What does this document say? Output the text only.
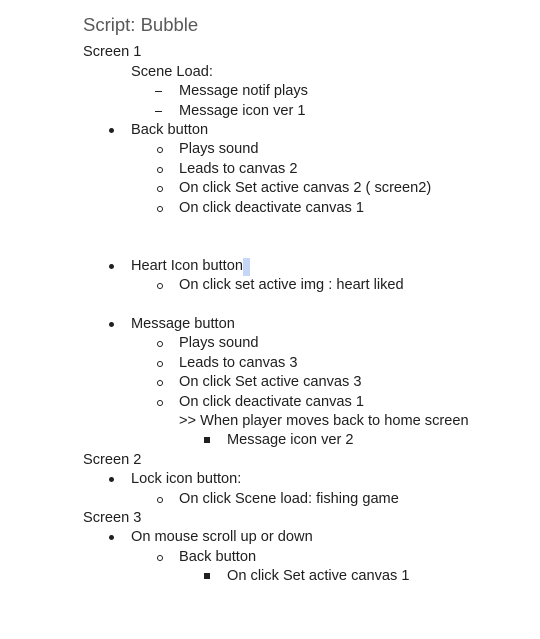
Script: Bubble
Screen 1
Scene Load:
Message notif plays
Message icon ver 1
Back button
Plays sound
Leads to canvas 2
On click Set active canvas 2 ( screen2)
On click deactivate canvas 1
Heart Icon button
On click set active img : heart liked
Message button
Plays sound
Leads to canvas 3
On click Set active canvas 3
On click deactivate canvas 1
>> When player moves back to home screen
Message icon ver 2
Screen 2
Lock icon button:
On click Scene load: fishing game
Screen 3
On mouse scroll up or down
Back button
On click Set active canvas 1
